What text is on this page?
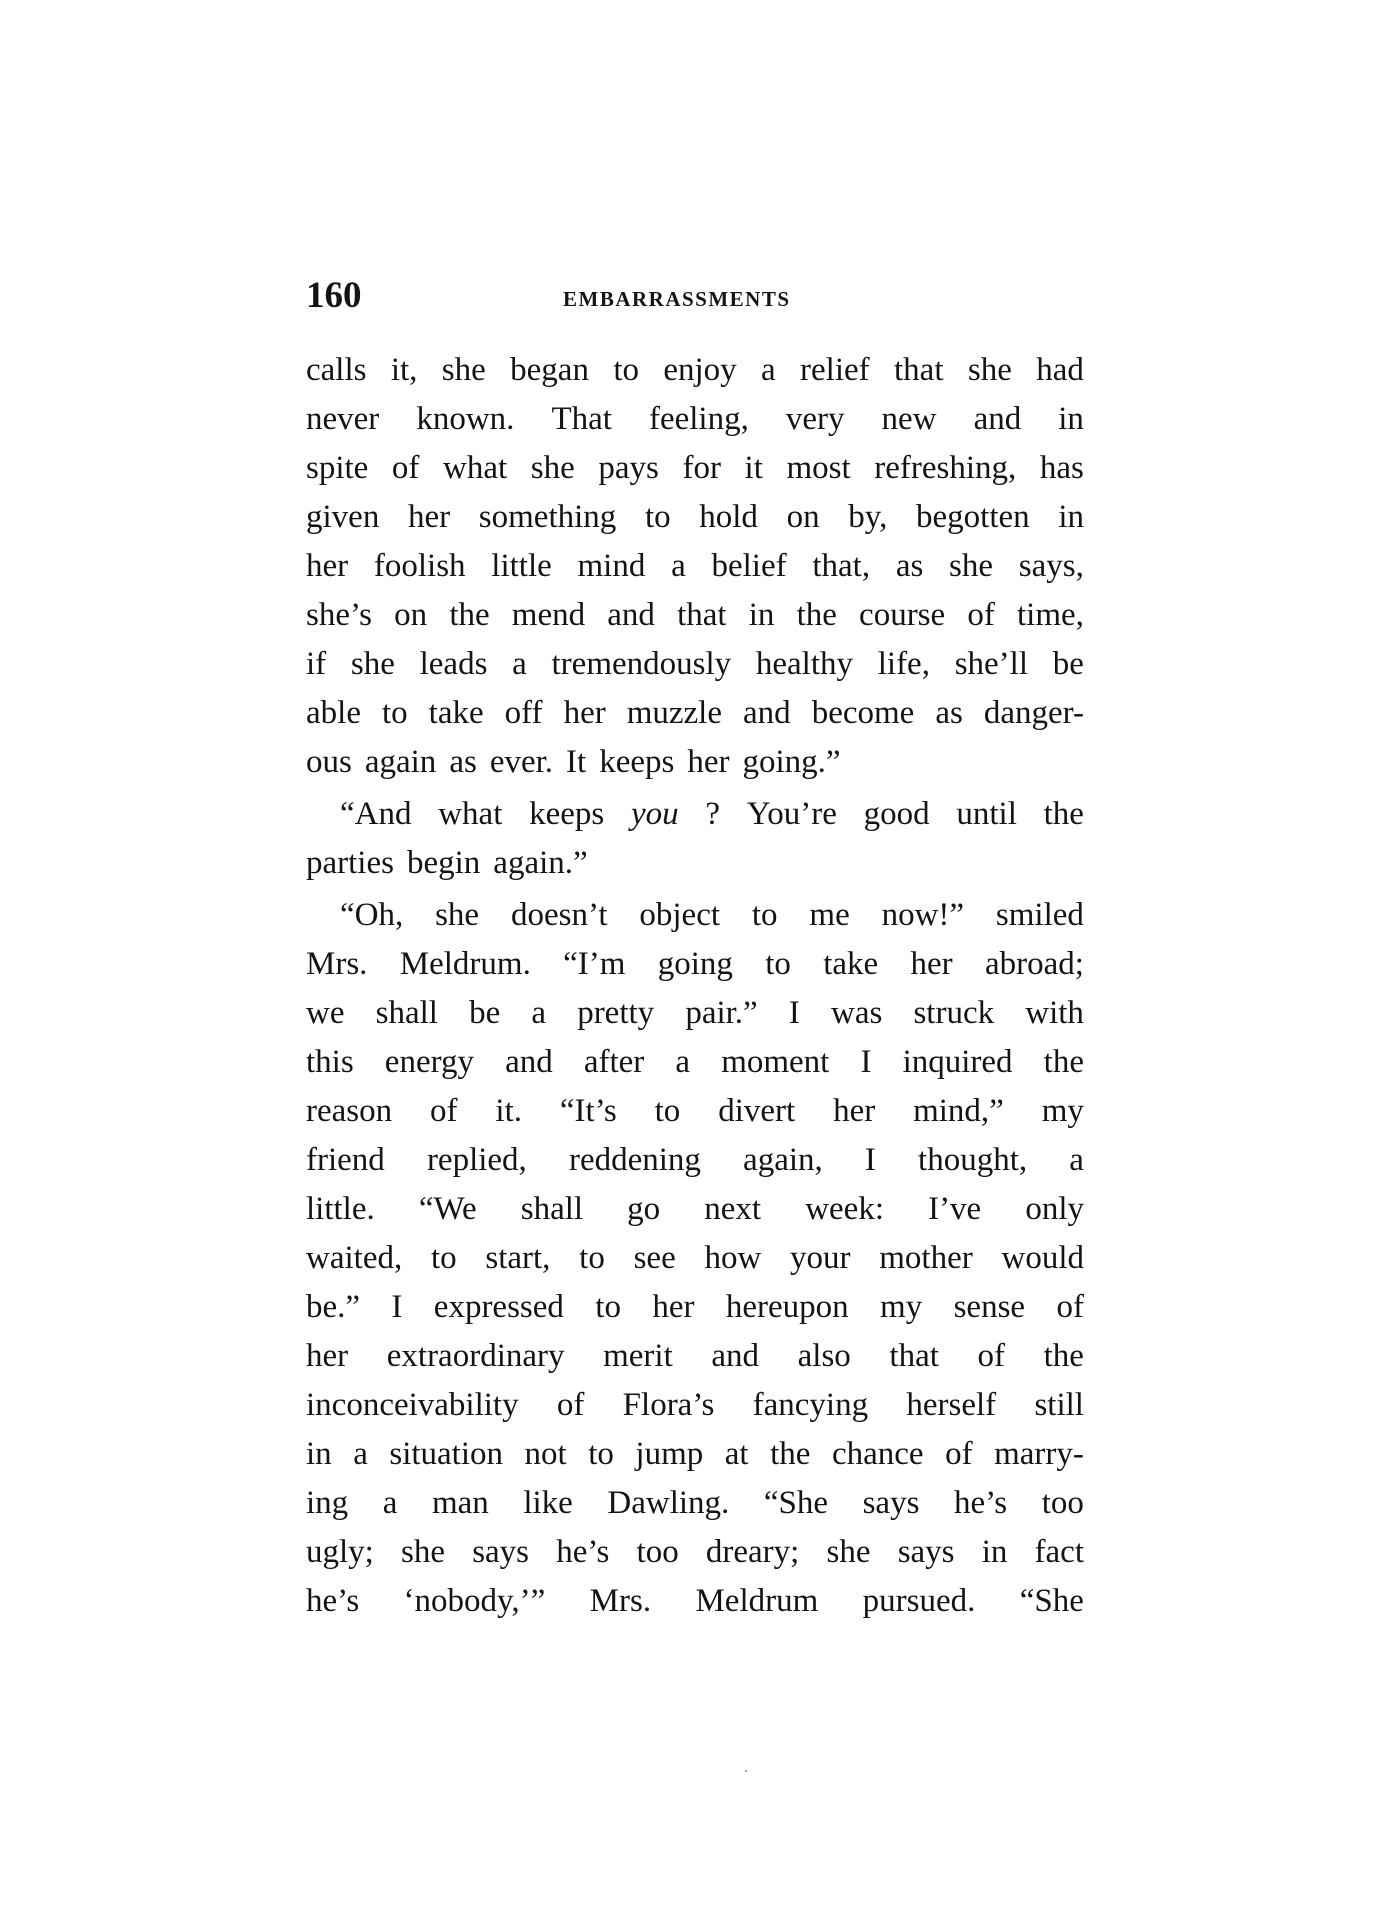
160	EMBARRASSMENTS
calls it, she began to enjoy a relief that she had
never known. That feeling, very new and in
spite of what she pays for it most refreshing, has
given her something to hold on by, begotten in
her foolish little mind a belief that, as she says,
she’s on the mend and that in the course of time,
if she leads a tremendously healthy life, she’ll be
able to take off her muzzle and become as danger-
ous again as ever. It keeps her going.”
“And what keeps you ? You’re good until the
parties begin again.”
“Oh, she doesn’t object to me now!” smiled
Mrs. Meldrum. “I’m going to take her abroad;
we shall be a pretty pair.” I was struck with
this energy and after a moment I inquired the
reason of it. “It’s to divert her mind,” my
friend replied, reddening again, I thought, a
little. “We shall go next week: I’ve only
waited, to start, to see how your mother would
be.” I expressed to her hereupon my sense of
her extraordinary merit and also that of the
inconceivability of Flora’s fancying herself still
in a situation not to jump at the chance of marry-
ing a man like Dawling. “She says he’s too
ugly; she says he’s too dreary; she says in fact
he’s ‘nobody,’” Mrs. Meldrum pursued. “She
